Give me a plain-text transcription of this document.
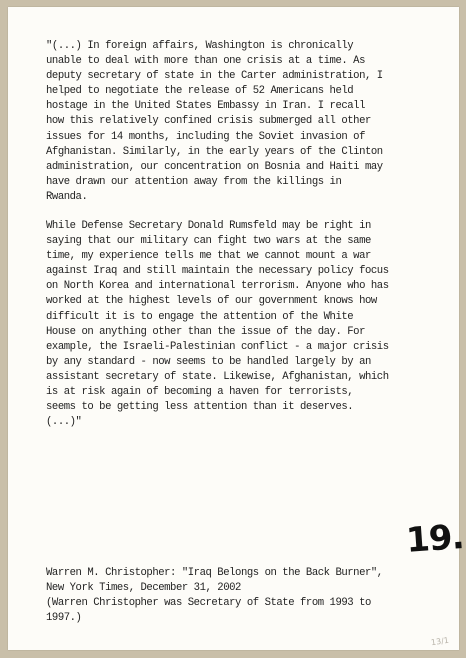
"(...) In foreign affairs, Washington is chronically
unable to deal with more than one crisis at a time. As
deputy secretary of state in the Carter administration, I
helped to negotiate the release of 52 Americans held
hostage in the United States Embassy in Iran. I recall
how this relatively confined crisis submerged all other
issues for 14 months, including the Soviet invasion of
Afghanistan. Similarly, in the early years of the Clinton
administration, our concentration on Bosnia and Haiti may
have drawn our attention away from the killings in
Rwanda.
While Defense Secretary Donald Rumsfeld may be right in
saying that our military can fight two wars at the same
time, my experience tells me that we cannot mount a war
against Iraq and still maintain the necessary policy focus
on North Korea and international terrorism. Anyone who has
worked at the highest levels of our government knows how
difficult it is to engage the attention of the White
House on anything other than the issue of the day. For
example, the Israeli-Palestinian conflict - a major crisis
by any standard - now seems to be handled largely by an
assistant secretary of state. Likewise, Afghanistan, which
is at risk again of becoming a haven for terrorists,
seems to be getting less attention than it deserves.
(...)"
19.
Warren M. Christopher: "Iraq Belongs on the Back Burner",
New York Times, December 31, 2002
(Warren Christopher was Secretary of State from 1993 to
1997.)
13/1
